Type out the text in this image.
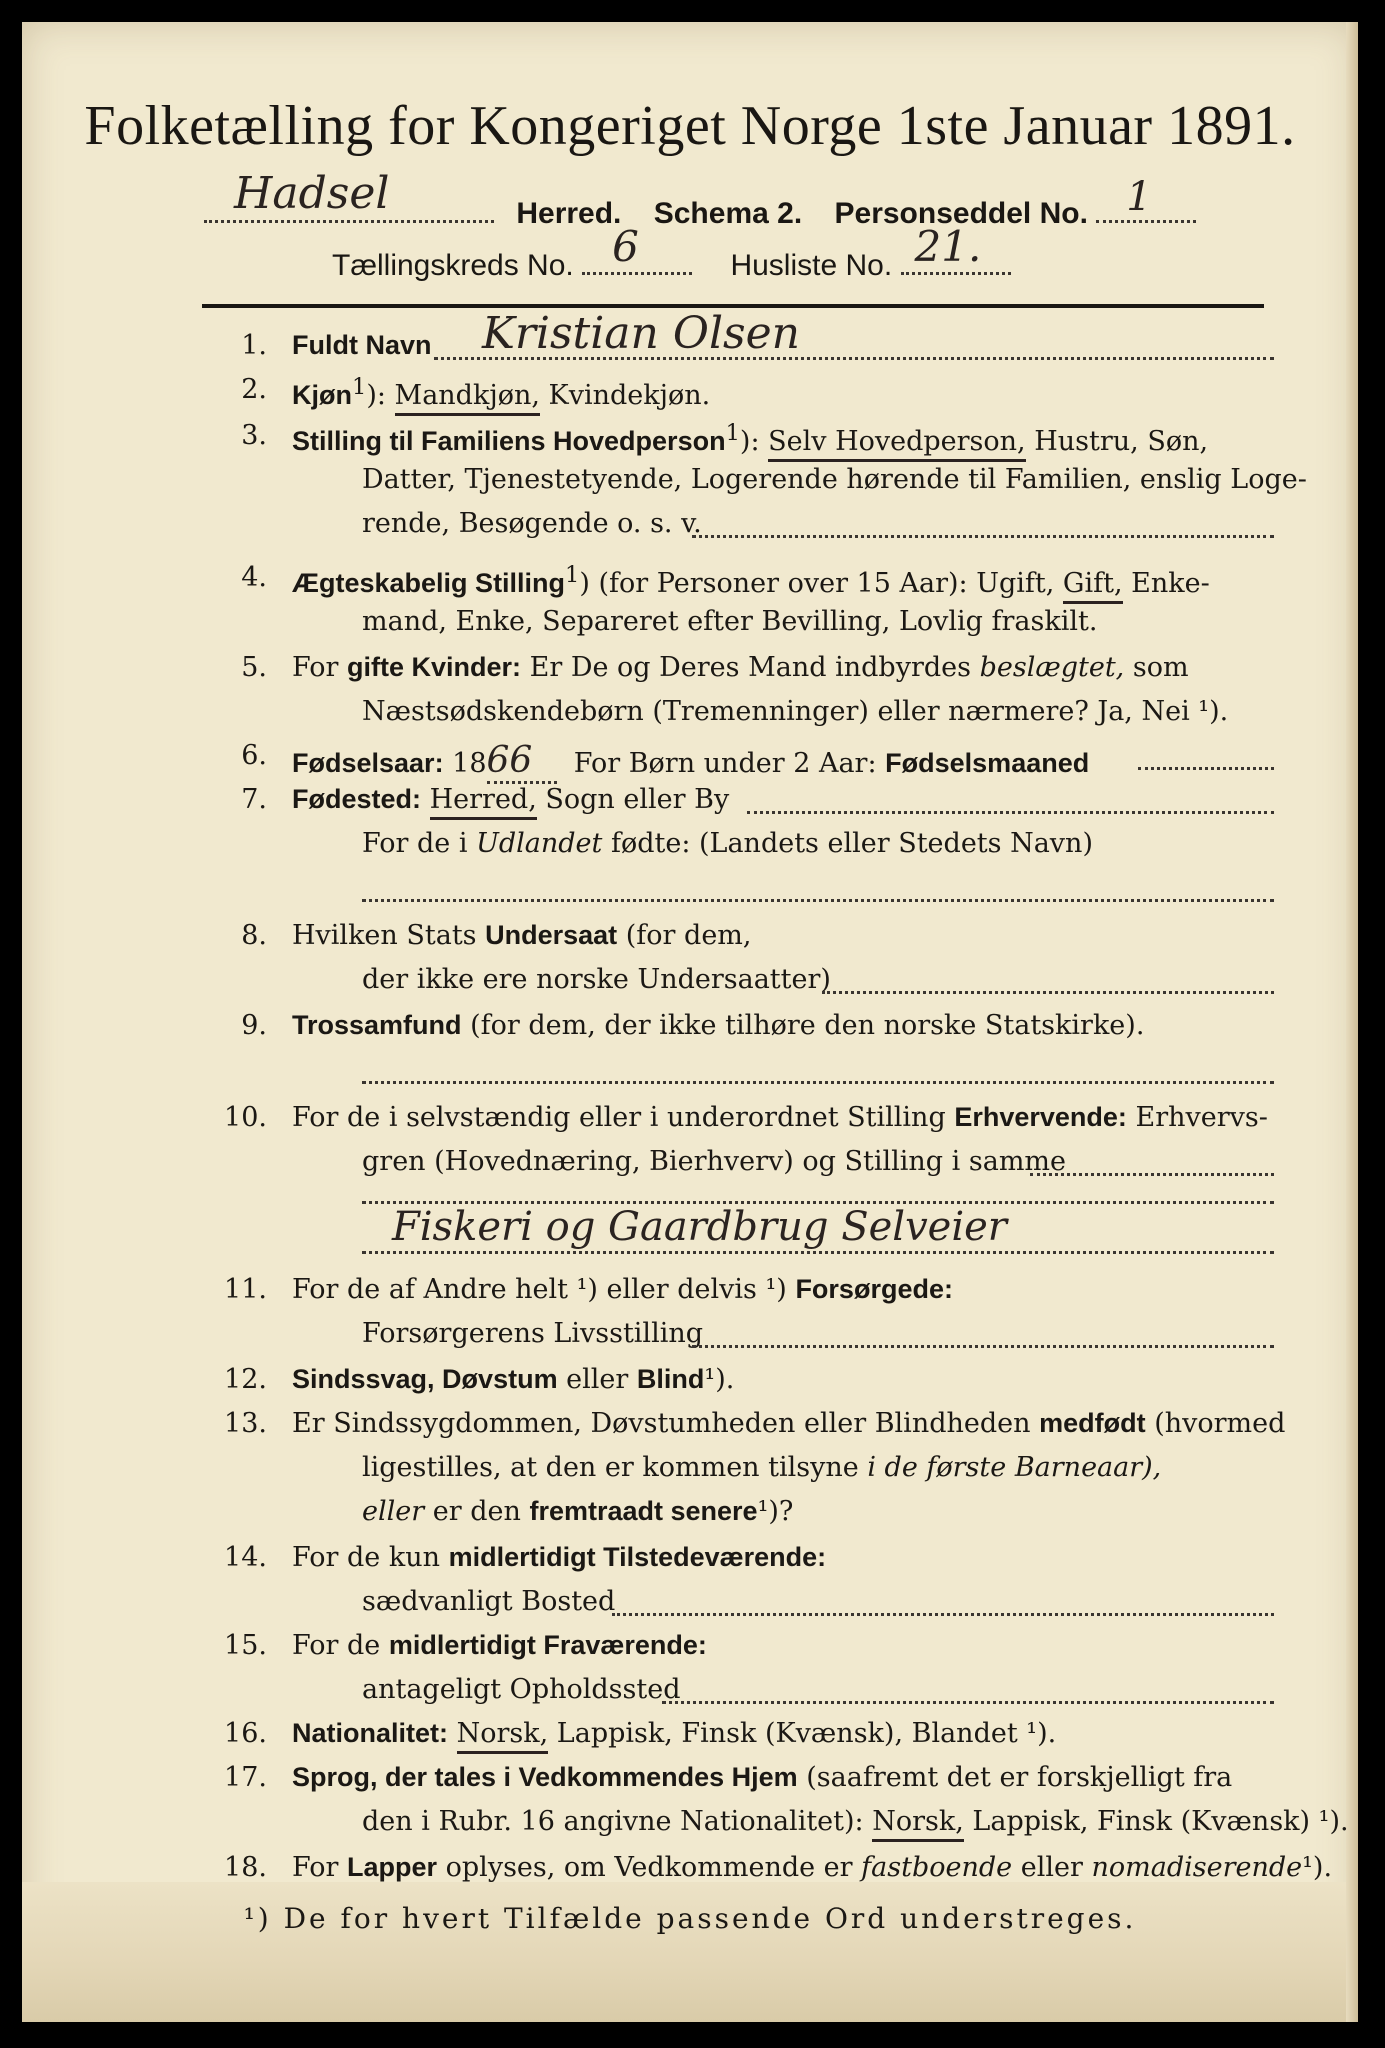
Folketælling for Kongeriget Norge 1ste Januar 1891.
Hadsel	Herred. Schema 2. Personseddel No. 1
Tællingskreds No. 6	Husliste No. 21.
1. Fuldt Navn Kristian Olsen
2. Kjøn$^1$): Mandkjøn, Kvindekjøn.
3. Stilling til Familiens Hovedperson$^1$): Selv Hovedperson, Hustru, Søn,
Datter, Tjenestetyende, Logerende hørende til Familien, enslig Loge-
rende, Besøgende o. s. v.
4. Ægteskabelig Stilling$^1$) (for Personer over 15 Aar): Ugift, Gift, Enke-
mand, Enke, Separeret efter Bevilling, Lovlig fraskilt.
5. For gifte Kvinder: Er De og Deres Mand indbyrdes beslægtet, som
Næstsødskendebørn (Tremenninger) eller nærmere? Ja, Nei ¹).
6. Fødselsaar: 1866 For Børn under 2 Aar: Fødselsmaaned
7. Fødested: Herred, Sogn eller By
For de i Udlandet fødte: (Landets eller Stedets Navn)
8. Hvilken Stats Undersaat (for dem,
der ikke ere norske Undersaatter)
9. Trossamfund (for dem, der ikke tilhøre den norske Statskirke).
10. For de i selvstændig eller i underordnet Stilling Erhvervende: Erhvervs-
gren (Hovednæring, Bierhverv) og Stilling i samme
Fiskeri og Gaardbrug Selveier
11. For de af Andre helt ¹) eller delvis ¹) Forsørgede:
Forsørgerens Livsstilling
12. Sindssvag, Døvstum eller Blind¹).
13. Er Sindssygdommen, Døvstumheden eller Blindheden medfødt (hvormed
ligestilles, at den er kommen tilsyne i de første Barneaar),
eller er den fremtraadt senere¹)?
14. For de kun midlertidigt Tilstedeværende:
sædvanligt Bosted
15. For de midlertidigt Fraværende:
antageligt Opholdssted
16. Nationalitet: Norsk, Lappisk, Finsk (Kvænsk), Blandet ¹).
17. Sprog, der tales i Vedkommendes Hjem (saafremt det er forskjelligt fra
den i Rubr. 16 angivne Nationalitet): Norsk, Lappisk, Finsk (Kvænsk) ¹).
18. For Lapper oplyses, om Vedkommende er fastboende eller nomadiserende¹).
¹) De for hvert Tilfælde passende Ord understreges.
